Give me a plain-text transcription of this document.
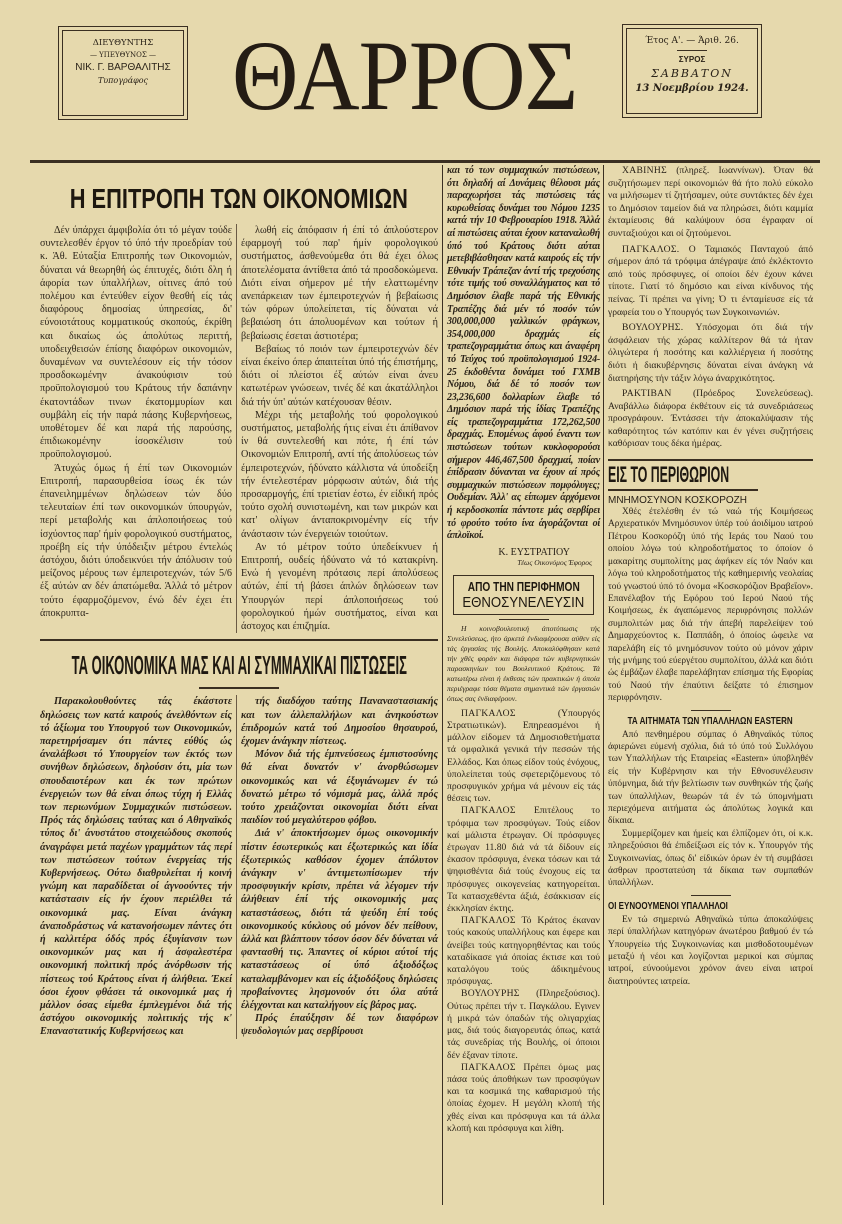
ΔΙΕΥΘΥΝΤΗΣ
— ΥΠΕΥΘΥΝΟΣ —
ΝΙΚ. Γ. ΒΑΡΘΑΛΙΤΗΣ
Τυπογράφος ΘΑΡΡΟΣ	Έτος Α'. — Άριθ. 26.
ΣΥΡΟΣ
ΣΑΒΒΑΤΟΝ
13 Νοεμβρίου 1924.
Η ΕΠΙΤΡΟΠΗ ΤΩΝ ΟΙΚΟΝΟΜΙΩΝ

Δέν ύπάρχει άμφιβολία ότι τό μέγαν τούδε συντελεσθέν έργον τό ύπό τήν προεδρίαν τού κ. Άθ. Εύταξία Επιτροπής των Οικονομιών, δύναται νά θεωρηθή ώς έπιτυχές, διότι δλη ή άφορία των ύπαλλήλων, οίτινες άπό τού πολέμου και έντεύθεν είχον θεσθή είς τάς διαφόρους δημοσίας ύπηρεσίας, δι' εύνοιοτάτους κομματικούς σκοπούς, έκρίθη και δικαίως ώς άπολύτως περιττή, υποδειχθεισών έπίσης διαφόρων οικονομιών, δυναμένων να συντελέσουν είς τήν τόσον προσδοκωμένην άνακούφισιν τού προϋπολογισμού του Κράτους τήν δαπάνην έκατοντάδων τινων έκατομμυρίων και συμβάλη είς τήν παρά πάσης Κυβερνήσεως, υποθέτομεν δέ και παρά τής παρούσης, έπιδιωκομένην ίσοσκέλισιν τού προϋπολογισμού.

Άτυχώς όμως ή έπί των Οικονομιών Επιτροπή, παρασυρθείσα ίσως έκ τών έπανειλημμένων δηλώσεων τών δύο τελευταίων έπί των οικονομικών ύπουργών, περί μεταβολής και άπλοποιήσεως τού ίσχύοντος παρ' ήμίν φορολογικού συστήματος, προέβη είς τήν ύπόδειξιν μέτρου έντελώς άστόχου, διότι ύποδεικνύει τήν άπόλυσιν τού μείζονος μέρους των έμπειροτεχνών, τών 5/6 έξ αύτών αν δέν άπατώμεθα. Άλλά τό μέτρον τούτο έφαρμοζόμενον, ένώ δέν έχει έτι άποκρυπτα-

λωθή είς άπόφασιν ή έπί τό άπλούστερον έφαρμογή τού παρ' ήμίν φορολογικού συστήματος, άσθενούμεθα ότι θά έχει όλως άποτελέσματα άντίθετα άπό τά προσδοκώμενα. Διότι είναι σήμερον μέ τήν ελαττωμένην ανεπάρκειαν των έμπειροτεχνών ή βεβαίωσις τών φόρων ύπολείπεται, τίς δύναται νά βεβαιώση ότι άπολυομένων και τούτων ή βεβαίωσις έσεται άστιοτέρα;

Βεβαίως τό ποιόν των έμπειροτεχνών δέν είναι έκείνο όπερ άπαιτείται ύπό τής έπιστήμης, διότι οί πλείστοι έξ αύτών είναι άνευ κατωτέρων γνώσεων, τινές δέ και άκατάλληλοι διά τήν ύπ' αύτών κατέχουσαν θέσιν.

Μέχρι τής μεταβολής τού φορολογικού συστήματος, μεταβολής ήτις είναι έτι άπίθανον ίν θά συντελεσθή και πότε, ή έπί τών Οικονομιών Επιτροπή, αντί τής άπολύσεως τών έμπειροτεχνών, ήδύνατο κάλλιστα νά ύποδείξη τήν έντελεστέραν μόρφωσιν αύτών, διά τής προσαρμογής, έπί τριετίαν έστω, έν είδική πρός τούτο σχολή συνιστωμένη, και των μικρών και κατ' ολίγων άνταποκρινομένην είς τήν άνάστασιν τών ένεργειών τοιούτων.

Αν τό μέτρον τούτο ύπεδείκνυεν ή Επιτροπή, ουδείς ήδύνατο νά τό κατακρίνη. Ενώ ή γενομένη πρότασις περί άπολύσεως αύτών, έπί τή βάσει άπλών δηλώσεων των Υπουργών περί άπλοποιήσεως τού φορολογικού ήμών συστήματος, είναι και άστοχος και έπιζημία.

ΤΑ ΟΙΚΟΝΟΜΙΚΑ ΜΑΣ ΚΑΙ ΑΙ ΣΥΜΜΑΧΙΚΑΙ ΠΙΣΤΩΣΕΙΣ

Παρακολουθούντες τάς έκάστοτε δηλώσεις των κατά καιρούς άνελθόντων είς τό άξίωμα του Υπουργού των Οικονομικών, παρετηρήσαμεν ότι πάντες εύθύς ώς άναλάβωσι τό Υπουργείον των έκτός των συνήθων δηλώσεων, δηλούσιν ότι, μία των σπουδαιοτέρων και έκ των πρώτων ένεργειών των θά είναι όπως τύχη ή Ελλάς των περιωνύμων Συμμαχικών πιστώσεων. Πρός τάς δηλώσεις ταύτας και ό Αθηναϊκός τύπος δι' άνυστάτου στοιχειώδους σκοπούς άναγράφει μετά παχέων γραμμάτων τάς περί των πιστώσεων τούτων ένεργείας τής Κυβερνήσεως. Ούτω διαθρυλείται ή κοινή γνώμη και παραδίδεται οί άγνοούντες τήν κατάστασιν είς ήν έχουν περιέλθει τά οικονομικά μας. Είναι άνάγκη άναποδράστως νά κατανοήσωμεν πάντες ότι ή καλλιτέρα όδός πρός έξυγίανσιν των οικονομικών μας και ή άσφαλεστέρα οικονομική πολιτική πρός άνόρθωσιν τής πίστεως τού Κράτους είναι ή άλήθεια. Έκεί όσοι έχουν φθάσει τά οικονομικά μας ή μάλλον όσας είμεθα έμπλεγμένοι διά τής άστόχου οικονομικής πολιτικής τής κ' Επαναστατικής Κυβερνήσεως και

τής διαδόχου ταύτης Παναναστασιακής και των άλλεπαλλήλων και άνηκούστων έπιδρομών κατά τού Δημοσίου θησαυρού, έχομεν άνάγκην πίστεως.

Μόνον διά τής έμπνεύσεως έμπιστοσύνης θά είναι δυνατόν ν' άνορθώσωμεν οικονομικώς και νά έξυγιάνωμεν έν τώ δυνατώ μέτρω τό νόμισμά μας, άλλά πρός τούτο χρειάζονται οικονομίαι διότι είναι παιδίον τού μεγαλύτερου φόβου.

Διά ν' άποκτήσωμεν όμως οικονομικήν πίστιν έσωτερικώς και έξωτερικώς και ίδία έξωτερικώς καθόσον έχομεν άπόλυτον άνάγκην ν' άντιμετωπίσωμεν τήν προσφυγικήν κρίσιν, πρέπει νά λέγομεν τήν άλήθειαν έπί τής οικονομικής μας καταστάσεως, διότι τά ψεύδη έπί τούς οικονομικούς κύκλους ού μόνον δέν πείθουν, άλλά και βλάπτουν τόσον όσον δέν δύναται νά φαντασθή τις. Άπαντες οί κύριοι αύτοί τής καταστάσεως οί ύπό άξιοδόξως καταλαμβάνομεν και είς άξιοδόξους δηλώσεις προβαίνοντες λησμονούν ότι όλα αύτά έλέγχονται και καταλήγουν είς βάρος μας.

Πρός έπαύξησιν δέ των διαφόρων ψευδολογιών μας σερβίρουσι

και τό των συμμαχικών πιστώσεων, ότι δηλαδή αί Δυνάμεις θέλουσι μάς παραχωρήσει τάς πιστώσεις τάς κυρωθείσας δυνάμει του Νόμου 1235 κατά τήν 10 Φεβρουαρίου 1918. Άλλά αί πιστώσεις αύται έχουν καταναλωθή ύπό τού Κράτους διότι αύται μετεβιβάσθησαν κατά καιρούς είς τήν Εθνικήν Τράπεζαν άντί τής τρεχούσης τότε τιμής τού συναλλάγματος και τό Δημόσιον έλαβε παρά τής Εθνικής Τραπέζης διά μέν τό ποσόν τών 300,000,000 γαλλικών φράγκων, 354,000,000 δραχμάς είς τραπεζογραμμάτια όπως και άναφέρη τό Τεύχος τού προϋπολογισμού 1924-25 έκδοθέντα δυνάμει τού ΓΧΜΒ Νόμου, διά δέ τό ποσόν των 23,236,600 δολλαρίων έλαβε τό Δημόσιον παρά τής ίδίας Τραπέζης είς τραπεζογραμμάτια 172,262,500 δραχμάς. Επομένως άφού έναντι των πιστώσεων τούτων κυκλοφορούσι σήμερον 446,467,500 δραχμαί, ποίαν έπίδρασιν δύνανται να έχουν αί πρός συμμαχικών πιστώσεων πομφόλυγες; Ουδεμίαν. Άλλ' ας είπωμεν άρχόμενοι ή κερδοσκοπία πάντοτε μάς σερβίρει τό φρούτο τούτο ίνα άγοράζονται οί άπλοϊκοί.

Κ. ΕΥΣΤΡΑΤΙΟΥ
Τέως Οικονόμος Έφορος
ΑΠΟ ΤΗΝ ΠΕΡΙΦΗΜΟΝ
ΕΘΝΟΣΥΝΕΛΕΥΣΙΝ

Η κοινοβουλευτική άποτύπωσις τής Συνελεύσεως, ήτο άρκετά ένδιαφέρουσα αύθεν είς τάς έργασίας τής Βουλής. Αποκαλύφθησαν κατά τήν χθές φοράν και διάφορα τών κυβερνητικών παρασκηνίων του Βουλευτικού Κράτους. Τά κατωτέρω είναι ή έκθεσις τών πρακτικών ή όποία περιέγραφε τόσα θέματα σημαντικά τών έργασιών όπως σας ένδιαφέρουν.

ΠΑΓΚΑΛΟΣ	(Υπουργός Στρατιωτικών). Επηρεασμένοι ή μάλλον είδομεν τά Δημοσιοθετήματα τά ομφαλικά γενικά τήν πεσσών τής Ελλάδος. Και όπως είδον τούς ένόχους, ύπολείπεται τούς σφετεριζόμενους τό προσφυγικόν χρήμα νά μένουν είς τάς θέσεις των.

ΠΑΓΚΑΛΟΣ Επιτέλους το τρόφιμα των προσφύγων. Τούς είδον καί μάλιστα έτρωγαν. Οί πρόσφυγες έτρωγαν 11.80 διά νά τά δίδουν είς έκασον πρόσφυγα, ένεκα τόσων και τά ψηφισθέντα διά τούς ένοχους είς τα πρόσφυγες οικογενείας κατηγορείται. Τα κατασχεθέντα άξιά, έσάκκισαν είς έκκλησίαν έκτης.

ΠΑΓΚΑΛΟΣ Τό Κράτος έκαναν τούς κακούς υπαλλήλους και έφερε και άνείβει τούς κατηγορηθέντας και τούς καταδίκασε γιά όποίας έκτισε και τού καταλόγου τούς άδικημένους πρόσφυγας.

ΒΟΥΛΟΥΡΗΣ (Πληρεξούσιος). Ούτως πρέπει τήν τ. Παγκάλου. Εγινεν ή μικρά τών όπαδών τής ολιγαρχίας μας, διά τούς διαγορευτάς όπως, κατά τάς συνεδρίας τής Βουλής, οί όποιοι δέν έξαναν τίποτε.

ΠΑΓΚΑΛΟΣ Πρέπει όμως μας πάσα τούς άποθήκων των προσφύγων και τα κοσμικά της καθαρισμού τής όποίας έχομεν. Η μεγάλη κλοπή τής χθές είναι και πρόσφυγα και τά άλλα κλοπή και πρόσφυγα και λίθη.

ΧΑΒΙΝΗΣ (πληρεξ. Ιωαννίνων). Όταν θά συζητήσωμεν περί οικονομιών θά ήτο πολύ εύκολο να μιλήσωμεν τί ζητήσαμεν, ούτε συντάκτες δέν έχει το Δημόσιον ταμείον διά να πληρώσει, διότι καμμία έκταμίευσις θά καλύψουν όσα έγραφαν οί συνταξιούχοι και οί ζητούμενοι.

ΠΑΓΚΑΛΟΣ. Ο Ταμιακός Πανταχού άπό σήμερον άπό τά τρόφιμα άπέγραψε άπό έκλέκτοντο από τούς πρόσφυγες, οί οποίοι δέν έχουν κάνει τίποτε. Γιατί τό δημόσιο και είναι κίνδυνος τής πείνας. Τί πρέπει να γίνη; Ό τι ένταμίευσε είς τά γραφεία του ο Υπουργός των Συγκοινωνιών.

ΒΟΥΛΟΥΡΗΣ. Υπόσχομαι ότι διά τήν άσφάλειαν τής χώρας καλλίτερον θά τά ήταν όλιγώτερα ή ποσότης και καλλιέργεια ή ποσότης διότι ή διακυβέρνησις δύναται είναι άνάγκη νά διατηρήσης τήν τάξιν λόγω άναρχικότητος.

ΡΑΚΤΙΒΑΝ (Πρόεδρος Συνελεύσεως). Αναβάλλω διάφορα έκθέτουν είς τά συνεδριάσεως προσγράφουν. Έντάσσει τήν άποκαλύψασιν τής καθαρότητος τών κατόπιν και έν γένει συζητήσεις καθόρισαν τους δέκα ήμέρας.

ΕΙΣ ΤΟ ΠΕΡΙΘΩΡΙΟΝ
ΜΝΗΜΟΣΥΝΟΝ ΚΟΣΚΟΡΟΖΗ

Χθές έτελέσθη έν τώ ναώ τής Κοιμήσεως Αρχιερατικόν Μνημόσυνον ύπέρ τού άοιδίμου ιατρού Πέτρου Κοσκορόζη ύπό τής Ιεράς του Ναού του οποίου λόγω τού κληροδοτήματος το όποίον ό μακαρίτης συμπολίτης μας άφήκεν είς τόν Ναόν και λόγω τού κληροδοτήματος τής καθημερινής νεολαίας τού γνωστού ύπό τό όνομα «Κοσκορόζιον Βραβεΐον». Επανέλαβον τής Εφόρου τού Ιερού Ναού τής Κοιμήσεως, έκ άγαπώμενος περιφρόνησις πολλών συμπολιτών μας διά τήν άπεβή παρελείψεν τού Δημαρχεύοντος κ. Παππάδη, ό όποίος ώφειλε να παρελάβη είς τό μνημόσυνον τούτο ού μόνον χάριν τής μνήμης τού εύεργέτου συμπολίτου, άλλά και διότι ώς έμβάζων έλαβε παρελάβηταν επίσημα τής Εφορίας τού Ναού τήν έπαύτινι δείξατε τό έπισημον περιφρόνησιν.

ΤΑ ΑΙΤΗΜΑΤΑ ΤΩΝ ΥΠΑΛΛΗΛΩΝ EASTERN

Από πενθημέρου σύμπας ό Αθηναϊκός τύπος άφιερώνει εύμενή σχόλια, διά τό ύπό τού Συλλόγου των Υπαλλήλων τής Εταιρείας «Eastern» ύποβληθέν είς τήν Κυβέρνησιν και τήν Εθνοσυνέλευσιν ύπόμνημα, διά τήν βελτίωσιν των συνθηκών τής ζωής των ύπαλλήλων, θεωρών τά έν τώ ύπομνήματι περιεχόμενα αιτήματα ώς άπολύτως λογικά και δίκαια.

Συμμερίζομεν και ήμείς και έλπίζομεν ότι, οί κ.κ. πληρεξούσιοι θά έπιδείξωσι είς τόν κ. Υπουργόν τής Συγκοινωνίας, όπως δι' είδικών όρων έν τή συμβάσει άσθρων προστατεύση τά δίκαια των συμπαθών ύπαλλήλων.

ΟΙ ΕΥΝΟΟΥΜΕΝΟΙ ΥΠΑΛΛΗΛΟΙ

Εν τώ σημερινώ Αθηναϊκώ τύπω άποκαλύψεις περί ύπαλλήλων κατηγόρων άνωτέρου βαθμού έν τώ Υπουργείω τής Συγκοινωνίας και μισθοδοτουμένων μεταξύ ή νέοι και λογίζονται μερικοί και σύμπας ιατροί, εύνοούμενοι χρόνον άνευ είναι ιατροί διατηρούντες ιατρεία.
